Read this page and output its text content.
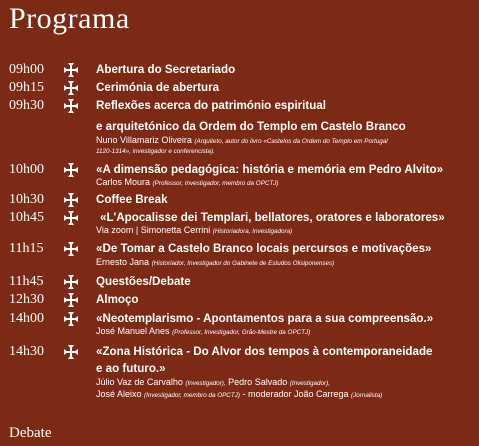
Programa
09h00	Abertura do Secretariado
09h15	Cerimónia de abertura
09h30	Reflexões acerca do património espiritual
e arquitetónico da Ordem do Templo em Castelo Branco
Nuno Villamariz Oliveira (Arquiteto, autor do livro «Castelos da Ordem do Templo em Portugal
1120-1314», investigador e conferencista).
10h00	«A dimensão pedagógica: história e memória em Pedro Alvito»
Carlos Moura (Professor, Investigador, membro da OPCTJ)
10h30	Coffee Break
10h45	«L'Apocalisse dei Templari, bellatores, oratores e laboratores»
Via zoom | Simonetta Cerrini (Historiadora, Investigadora)
11h15	«De Tomar a Castelo Branco locais percursos e motivações»
Ernesto Jana (Historiador, Investigador do Gabinete de Estudos Olisiponenses)
11h45	Questões/Debate
12h30	Almoço
14h00	«Neotemplarismo - Apontamentos para a sua compreensão.»
José Manuel Anes (Professor, Investigador, Grão-Mestre da OPCTJ)
14h30	«Zona Histórica - Do Alvor dos tempos à contemporaneidade
e ao futuro.»
Júlio Vaz de Carvalho (Investigador), Pedro Salvado (Investigador),
José Aleixo (Investigador, membro da OPCTJ) - moderador João Carrega (Jornalista)
Debate
